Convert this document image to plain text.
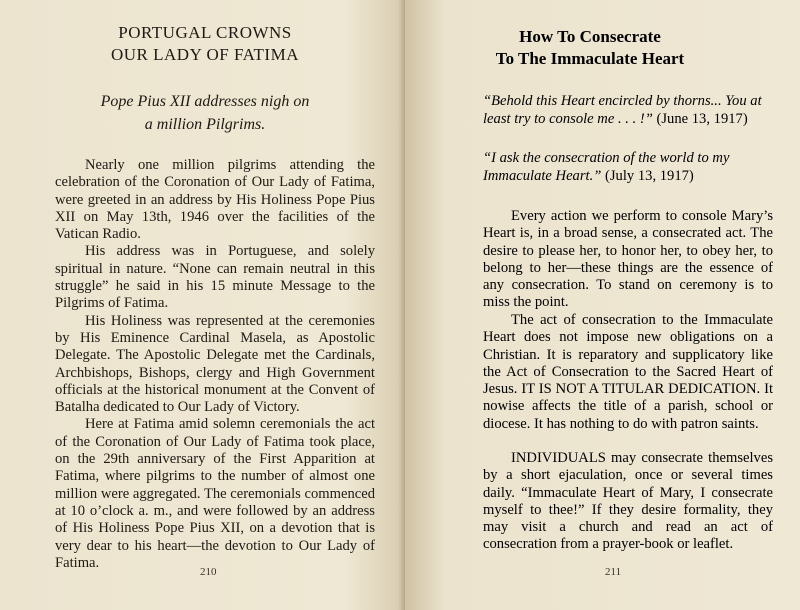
PORTUGAL CROWNS
OUR LADY OF FATIMA
Pope Pius XII addresses nigh on
a million Pilgrims.

Nearly one million pilgrims attending the celebration of the Coronation of Our Lady of Fatima, were greeted in an address by His Holiness Pope Pius XII on May 13th, 1946 over the facilities of the Vatican Radio.

His address was in Portuguese, and solely spiritual in nature. “None can remain neutral in this struggle” he said in his 15 minute Message to the Pilgrims of Fatima.

His Holiness was represented at the ceremonies by His Eminence Cardinal Masela, as Apostolic Delegate. The Apostolic Delegate met the Cardinals, Archbishops, Bishops, clergy and High Government officials at the historical monument at the Convent of Batalha dedicated to Our Lady of Victory.

Here at Fatima amid solemn ceremonials the act of the Coronation of Our Lady of Fatima took place, on the 29th anniversary of the First Apparition at Fatima, where pilgrims to the number of almost one million were aggregated. The ceremonials commenced at 10 o’clock a. m., and were followed by an address of His Holiness Pope Pius XII, on a devotion that is very dear to his heart—the devotion to Our Lady of Fatima.

210
How To Consecrate
To The Immaculate Heart
“Behold this Heart encircled by thorns... You at least try to console me . . . !” (June 13, 1917)
“I ask the consecration of the world to my Immaculate Heart.” (July 13, 1917)

Every action we perform to console Mary’s Heart is, in a broad sense, a consecrated act. The desire to please her, to honor her, to obey her, to belong to her—these things are the essence of any consecration. To stand on ceremony is to miss the point.

The act of consecration to the Immaculate Heart does not impose new obligations on a Christian. It is reparatory and supplicatory like the Act of Consecration to the Sacred Heart of Jesus. IT IS NOT A TITULAR DEDICATION. It nowise affects the title of a parish, school or diocese. It has nothing to do with patron saints.

INDIVIDUALS may consecrate themselves by a short ejaculation, once or several times daily. “Immaculate Heart of Mary, I consecrate myself to thee!” If they desire formality, they may visit a church and read an act of consecration from a prayer-book or leaflet.

211
